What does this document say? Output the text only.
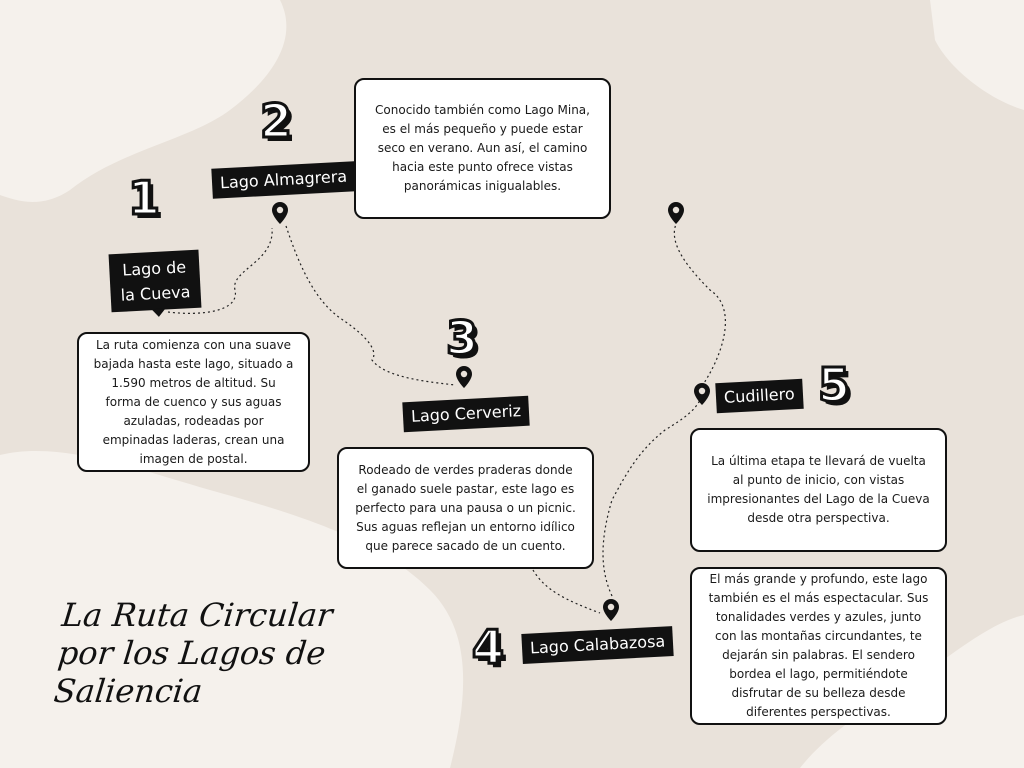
1
2
3
4
5
Lago de
la Cueva
Lago Almagrera
Lago Cerveriz
Lago Calabazosa
Cudillero
La ruta comienza con una suave bajada hasta este lago, situado a 1.590 metros de altitud. Su forma de cuenco y sus aguas azuladas, rodeadas por empinadas laderas, crean una imagen de postal.
Conocido también como Lago Mina, es el más pequeño y puede estar seco en verano. Aun así, el camino hacia este punto ofrece vistas panorámicas inigualables.
Rodeado de verdes praderas donde el ganado suele pastar, este lago es perfecto para una pausa o un picnic. Sus aguas reflejan un entorno idílico que parece sacado de un cuento.
La última etapa te llevará de vuelta al punto de inicio, con vistas impresionantes del Lago de la Cueva desde otra perspectiva.
El más grande y profundo, este lago también es el más espectacular. Sus tonalidades verdes y azules, junto con las montañas circundantes, te dejarán sin palabras. El sendero bordea el lago, permitiéndote disfrutar de su belleza desde diferentes perspectivas.
La Ruta Circular por los Lagos de Saliencia
